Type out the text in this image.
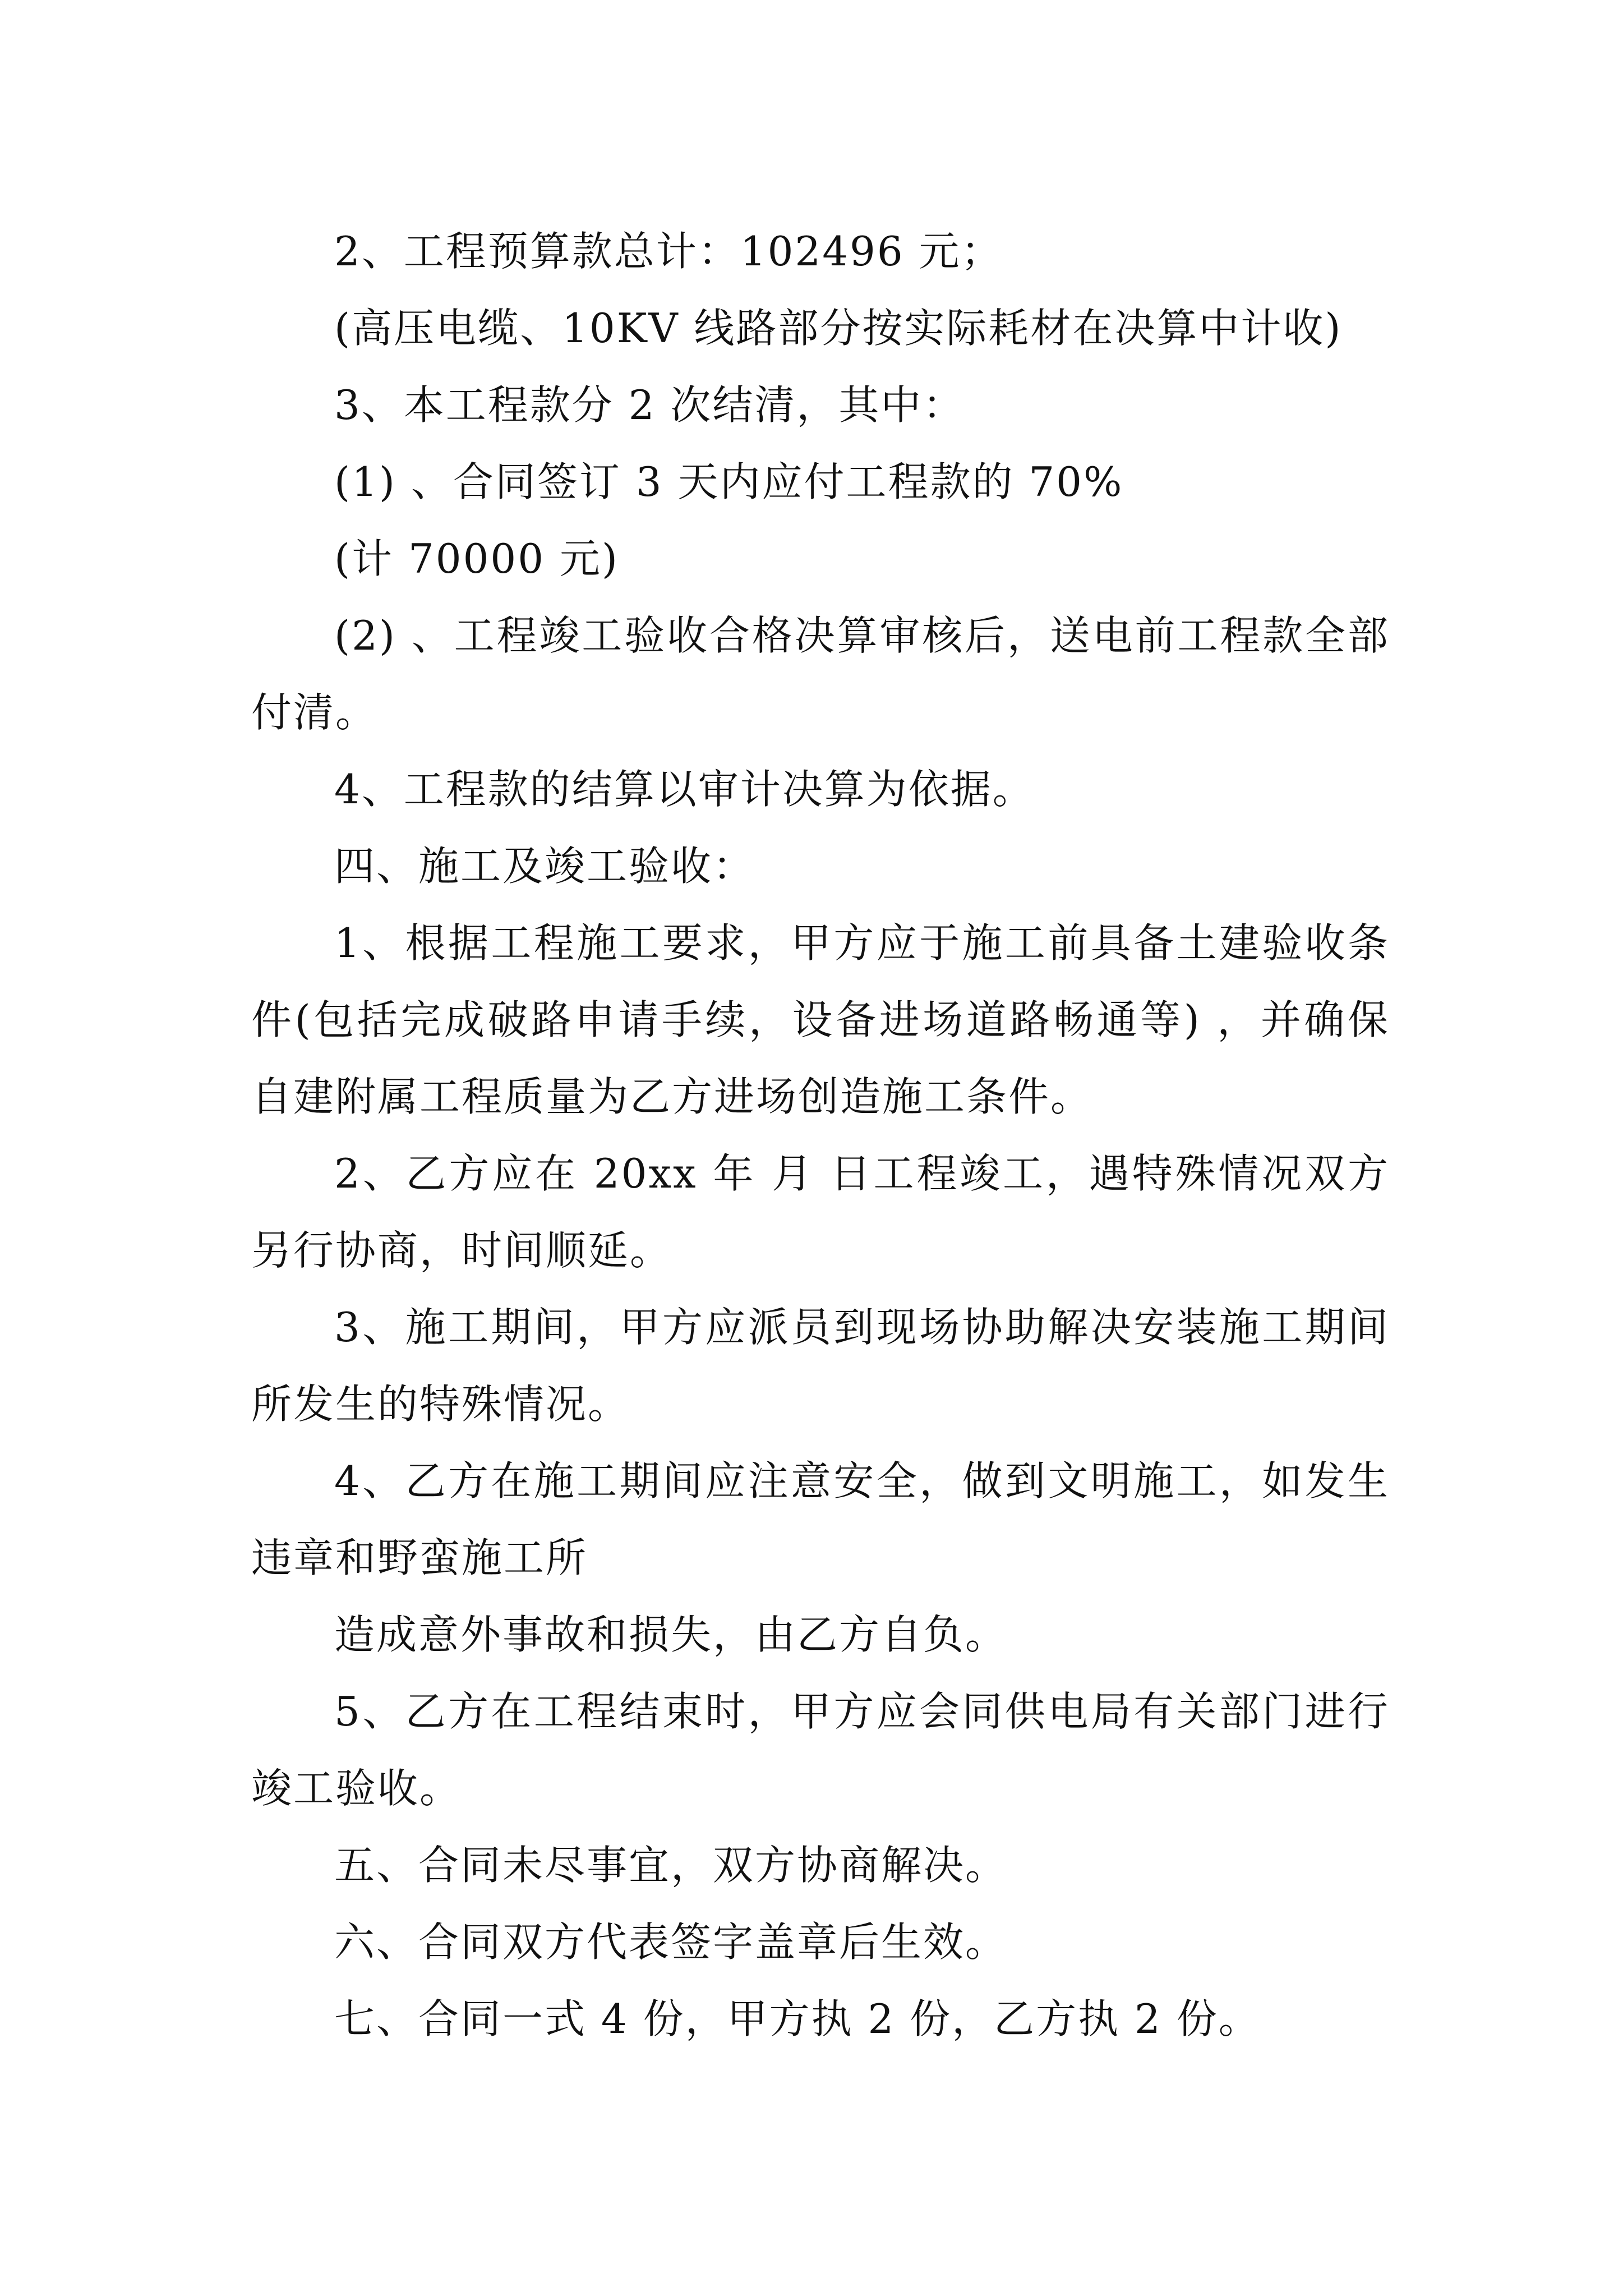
2、工程预算款总计：102496 元；

(高压电缆、10KV 线路部分按实际耗材在决算中计收)

3、本工程款分 2 次结清，其中：

(1) 、合同签订 3 天内应付工程款的 70%

(计 70000 元)

(2) 、工程竣工验收合格决算审核后，送电前工程款全部付清。

4、工程款的结算以审计决算为依据。

四、施工及竣工验收：

1、根据工程施工要求，甲方应于施工前具备土建验收条件(包括完成破路申请手续，设备进场道路畅通等) ，并确保自建附属工程质量为乙方进场创造施工条件。

2、乙方应在 20xx 年 月 日工程竣工，遇特殊情况双方另行协商，时间顺延。

3、施工期间，甲方应派员到现场协助解决安装施工期间所发生的特殊情况。

4、乙方在施工期间应注意安全，做到文明施工，如发生违章和野蛮施工所

造成意外事故和损失，由乙方自负。

5、乙方在工程结束时，甲方应会同供电局有关部门进行竣工验收。

五、合同未尽事宜，双方协商解决。

六、合同双方代表签字盖章后生效。

七、合同一式 4 份，甲方执 2 份，乙方执 2 份。
